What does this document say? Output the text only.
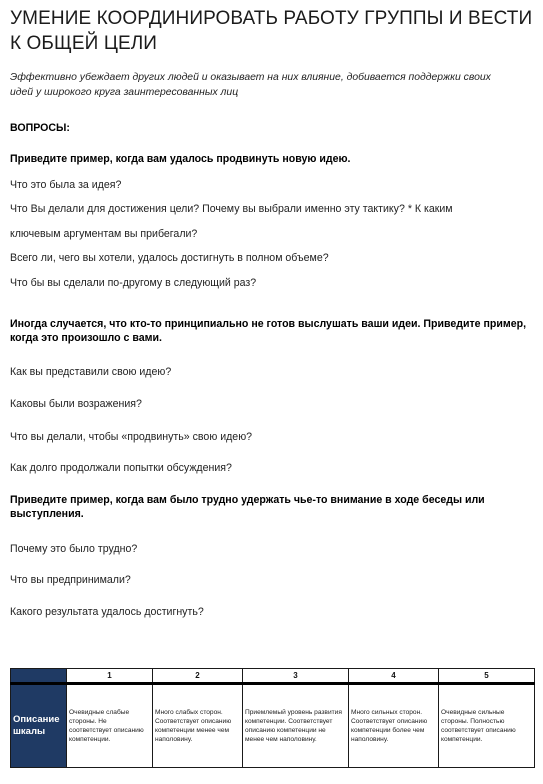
УМЕНИЕ КООРДИНИРОВАТЬ РАБОТУ ГРУППЫ И ВЕСТИ К ОБЩЕЙ ЦЕЛИ

Эффективно убеждает других людей и оказывает на них влияние, добивается поддержки своих идей у широкого круга заинтересованных лиц

ВОПРОСЫ:

Приведите пример, когда вам удалось продвинуть новую идею.

Что это была за идея?

Что Вы делали для достижения цели? Почему вы выбрали именно эту тактику? * К каким

ключевым аргументам вы прибегали?

Всего ли, чего вы хотели, удалось достигнуть в полном объеме?

Что бы вы сделали по-другому в следующий раз?

Иногда случается, что кто-то принципиально не готов выслушать ваши идеи. Приведите пример, когда это произошло с вами.

Как вы представили свою идею?

Каковы были возражения?

Что вы делали, чтобы «продвинуть» свою идею?

Как долго продолжали попытки обсуждения?

Приведите пример, когда вам было трудно удержать чье-то внимание в ходе беседы или выступления.

Почему это было трудно?

Что вы предпринимали?

Какого результата удалось достигнуть?

	1	2	3	4	5
Описание шкалы	Очевидные слабые стороны. Не соответствует описанию компетенции.	Много слабых сторон. Соответствует описанию компетенции менее чем наполовину.	Приемлемый уровень развития компетенции. Соответствует описанию компетенции не менее чем наполовину.	Много сильных сторон. Соответствует описанию компетенции более чем наполовину.	Очевидные сильные стороны. Полностью соответствует описанию компетенции.
